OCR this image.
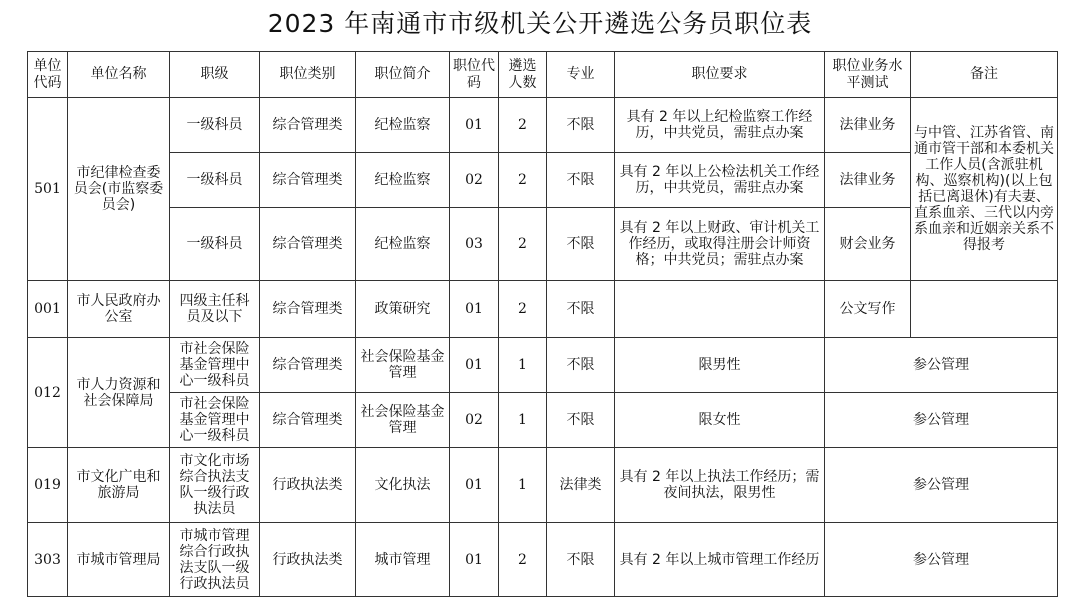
2023 年南通市市级机关公开遴选公务员职位表
单位代码	单位名称	职级	职位类别	职位简介	职位代码	遴选人数	专业	职位要求	职位业务水平测试	备注
501	市纪律检查委员会(市监察委员会)	一级科员	综合管理类	纪检监察	01	2	不限	具有 2 年以上纪检监察工作经历，中共党员，需驻点办案	法律业务	与中管、江苏省管、南通市管干部和本委机关工作人员(含派驻机构、巡察机构)(以上包括已离退休)有夫妻、直系血亲、三代以内旁系血亲和近姻亲关系不得报考
		一级科员	综合管理类	纪检监察	02	2	不限	具有 2 年以上公检法机关工作经历，中共党员，需驻点办案	法律业务	
		一级科员	综合管理类	纪检监察	03	2	不限	具有 2 年以上财政、审计机关工作经历，或取得注册会计师资格；中共党员；需驻点办案	财会业务	
001	市人民政府办公室	四级主任科员及以下	综合管理类	政策研究	01	2	不限		公文写作	
012	市人力资源和社会保障局	市社会保险基金管理中心一级科员	综合管理类	社会保险基金管理	01	1	不限	限男性	参公管理	
		市社会保险基金管理中心一级科员	综合管理类	社会保险基金管理	02	1	不限	限女性	参公管理	
019	市文化广电和旅游局	市文化市场综合执法支队一级行政执法员	行政执法类	文化执法	01	1	法律类	具有 2 年以上执法工作经历；需夜间执法，限男性	参公管理	
303	市城市管理局	市城市管理综合行政执法支队一级行政执法员	行政执法类	城市管理	01	2	不限	具有 2 年以上城市管理工作经历	参公管理	
